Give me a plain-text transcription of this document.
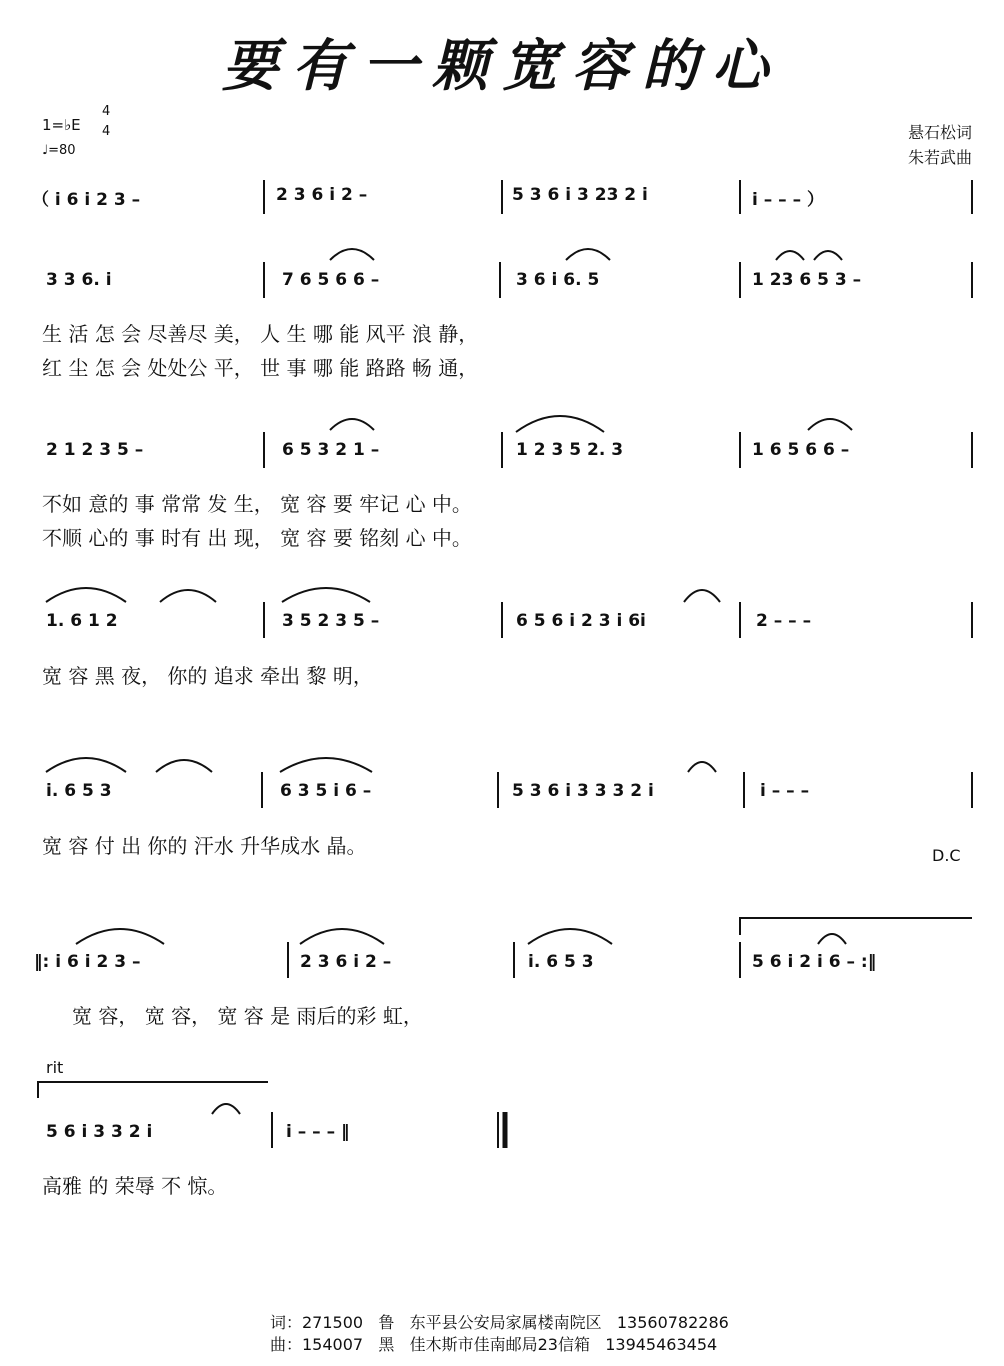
要有一颗宽容的心
1=♭E
4
4
♩=80
悬石松词
朱若武曲
（ i 6 i 2 3 –	2 3 6 i 2 –	5 3 6 i 3 23 2 i	i – – – ）
3 3 6. i	7 6 5 6 6 –	3 6 i 6. 5	1 23 6 5 3 –
生 活 怎 会 尽善尽 美， 人 生 哪 能 风平 浪 静，
红 尘 怎 会 处处公 平， 世 事 哪 能 路路 畅 通，
2 1 2 3 5 –	6 5 3 2 1 –	1 2 3 5 2. 3	1 6 5 6 6 –
不如 意的 事 常常 发 生， 宽 容 要 牢记 心 中。
不顺 心的 事 时有 出 现， 宽 容 要 铭刻 心 中。
1. 6 1 2	3 5 2 3 5 –	6 5 6 i 2 3 i 6i	2 – – –
宽 容 黑 夜， 你的 追求 牵出 黎 明，
i. 6 5 3	6 3 5 i 6 –	5 3 6 i 3 3 3 2 i	i – – –
宽 容 付 出 你的 汗水 升华成水 晶。	D.C
‖: i 6 i 2 3 –	2 3 6 i 2 –	i. 6 5 3	5 6 i 2 i 6 – :‖
宽 容， 宽 容， 宽 容 是 雨后的彩 虹，
rit
5 6 i 3 3 2 i	i – – – ‖
高雅 的 荣辱 不 惊。
词：271500   鲁   东平县公安局家属楼南院区   13560782286
曲：154007   黑   佳木斯市佳南邮局23信箱   13945463454
